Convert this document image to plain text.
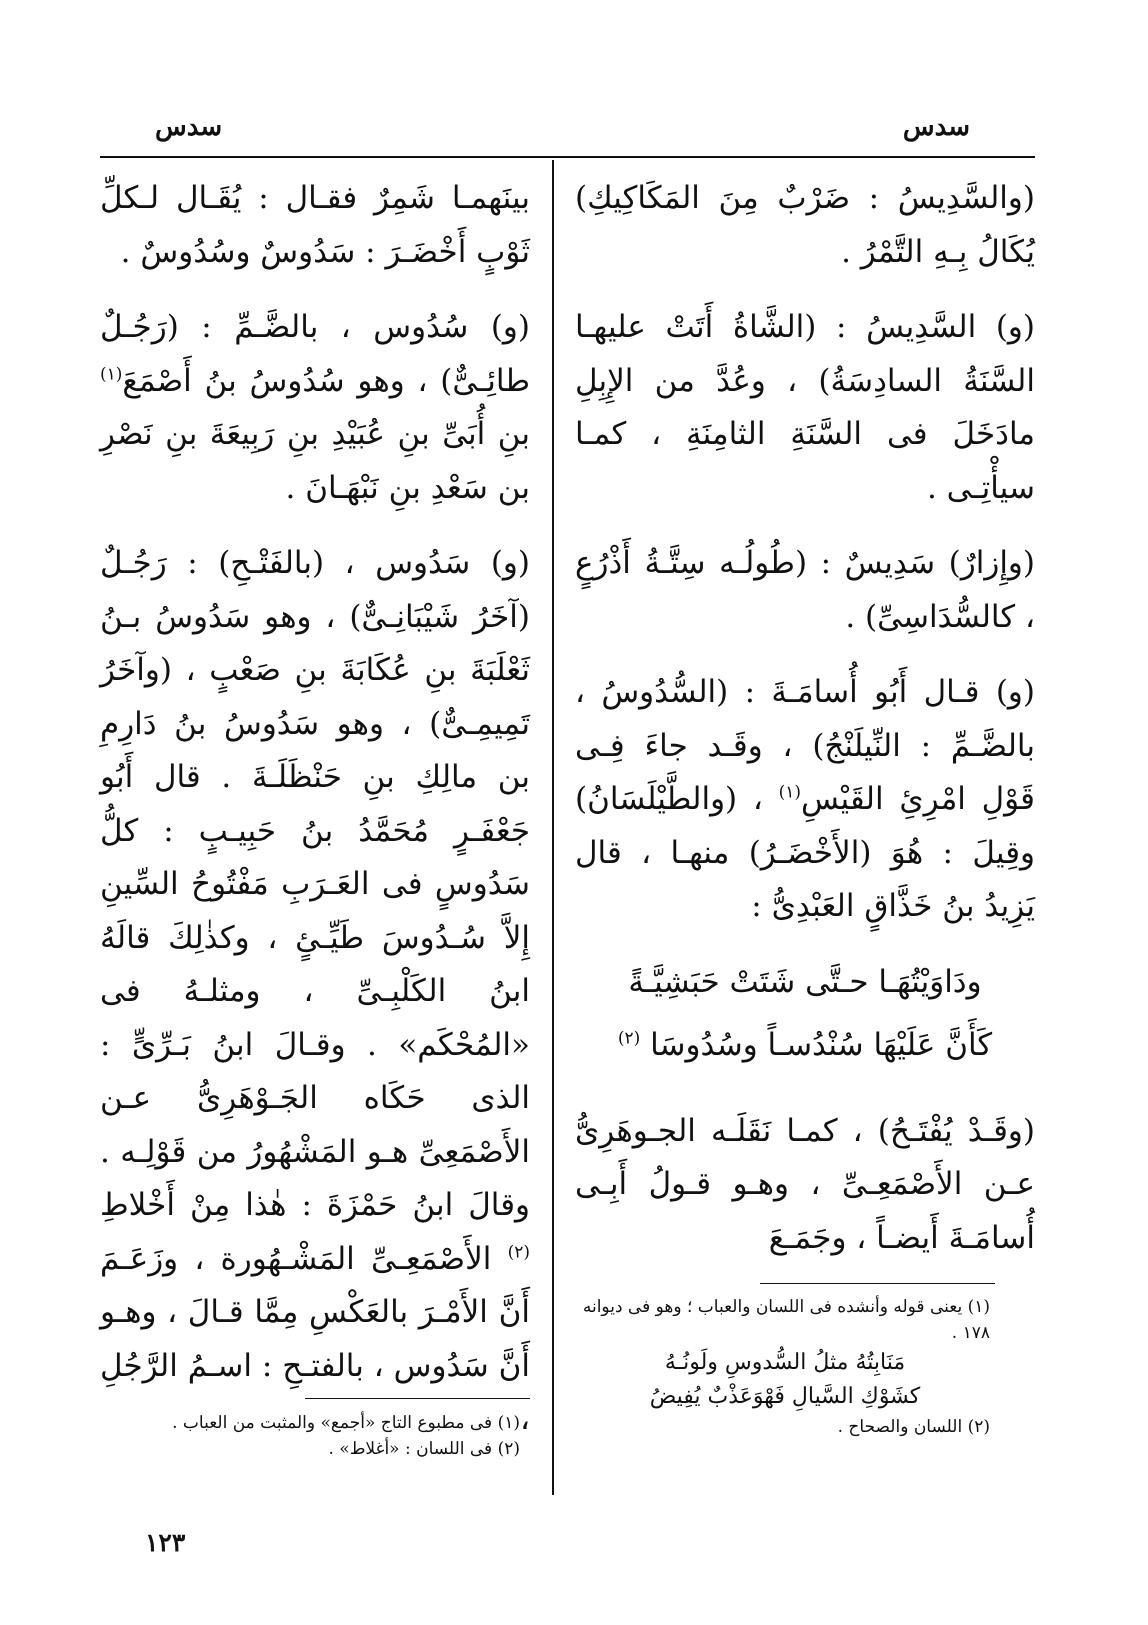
سدس
سدس

(والسَّدِيسُ : ضَرْبٌ مِنَ المَكَاكِيكِ) يُكَالُ بِـهِ التَّمْرُ .

(و) السَّدِيسُ : (الشَّاةُ أَتَتْ عليهـا السَّنَةُ السادِسَةُ) ، وعُدَّ من الإِبِلِ مادَخَلَ فى السَّنَةِ الثامِنَةِ ، كمـا سيأْتِـى .

(وإِزارٌ) سَدِيسٌ : (طُولُـه سِتَّـةُ أَذْرُعٍ ، كالسُّدَاسِىِّ) .

(و) قـال أَبُو أُسامَـةَ : (السُّدُوسُ ، بالضَّـمِّ : النِّيلَنْجُ) ، وقَـد جاءَ فِـى قَوْلِ امْرِئِ القَيْسِ$^{(١)}$ ، (والطَّيْلَسَانُ) وقِيلَ : هُوَ (الأَخْضَـرُ) منهـا ، قال يَزِيدُ بنُ خَذَّاقٍ العَبْدِىُّ :

ودَاوَيْتُهَـا حـتَّى شَتَتْ حَبَشِيَّـةً

كَأَنَّ عَلَيْهَا سُنْدُسـاً وسُدُوسَا $^{(٢)}$

(وقَـدْ يُفْتَـحُ) ، كمـا نَقَلَـه الجـوهَرِىُّ عـن الأَصْمَعِـىِّ ، وهـو قـولُ أَبِـى أُسامَـةَ أَيضـاً ، وجَمَـعَ

بينَهمـا شَمِرٌ فقـال : يُقَـال لـكلِّ ثَوْبٍ أَخْضَـرَ : سَدُوسٌ وسُدُوسٌ .

(و) سُدُوس ، بالضَّـمِّ : (رَجُـلٌ طائِـىٌّ) ، وهو سُدُوسُ بنُ أَصْمَعَ$^{(١)}$ بنِ أُبَىِّ بنِ عُبَيْدِ بنِ رَبِيعَةَ بنِ نَصْرِ بن سَعْدِ بنِ نَبْهَـانَ .

(و) سَدُوس ، (بالفَتْـحِ) : رَجُـلٌ (آخَرُ شَيْبَانِـىٌّ) ، وهو سَدُوسُ بـنُ ثَعْلَبَةَ بنِ عُكَابَةَ بنِ صَعْبٍ ، (وآخَرُ تَمِيمِـىٌّ) ، وهو سَدُوسُ بنُ دَارِمِ بن مالِكِ بنِ حَنْظَلَـةَ . قال أَبُو جَعْفَـرٍ مُحَمَّدُ بنُ حَبِيـبٍ : كلُّ سَدُوسٍ فى العَـرَبِ مَفْتُوحُ السِّينِ إِلاَّ سُـدُوسَ طَيِّـئٍ ، وكذٰلِكَ قالَهُ ابنُ الكَلْبِـىِّ ، ومثلـهُ فى «المُحْكَم» . وقـالَ ابنُ بَـرِّىٍّ : الذى حَكَاه الجَـوْهَرِىُّ عـن الأَصْمَعِىِّ هـو المَشْهُورُ من قَوْلِـه . وقالَ ابنُ حَمْزَةَ : هٰذا مِنْ أَخْلاطِ $^{(٢)}$ الأَصْمَعِـىِّ المَشْـهُورة ، وزَعَـمَ أَنَّ الأَمْـرَ بالعَكْسِ مِمَّا قـالَ ، وهـو أَنَّ سَدُوس ، بالفتـحِ : اسـمُ الرَّجُلِ ،

(١) يعنى قوله وأنشده فى اللسان والعباب ؛ وهو فى ديوانه ١٧٨ .
مَنَابِتُهُ مثلُ السُّدوسِ ولَونُـهُ
كشَوْكِ السَّيالِ فَهْوَعَذْبٌ يُفِيضُ
(٢) اللسان والصحاح .
(١) فى مطبوع التاج «أجمع» والمثبت من العباب .
(٢) فى اللسان : «أغلاط» .
١٢٣
